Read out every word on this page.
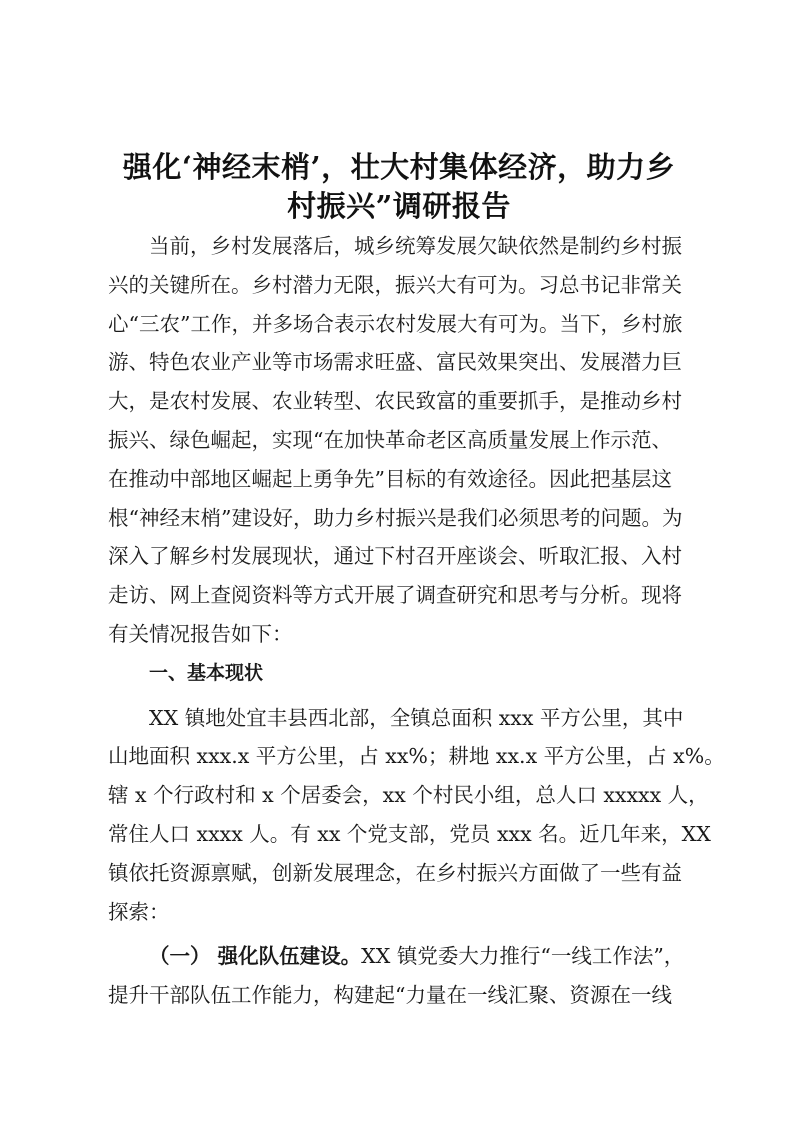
强化‘神经末梢’，壮大村集体经济，助力乡
村振兴”调研报告
当前，乡村发展落后，城乡统筹发展欠缺依然是制约乡村振
兴的关键所在。乡村潜力无限，振兴大有可为。习总书记非常关
心“三农”工作，并多场合表示农村发展大有可为。当下，乡村旅
游、特色农业产业等市场需求旺盛、富民效果突出、发展潜力巨
大，是农村发展、农业转型、农民致富的重要抓手，是推动乡村
振兴、绿色崛起，实现“在加快革命老区高质量发展上作示范、
在推动中部地区崛起上勇争先”目标的有效途径。因此把基层这
根“神经末梢”建设好，助力乡村振兴是我们必须思考的问题。为
深入了解乡村发展现状，通过下村召开座谈会、听取汇报、入村
走访、网上查阅资料等方式开展了调查研究和思考与分析。现将
有关情况报告如下：
一、基本现状
XX 镇地处宜丰县西北部，全镇总面积 xxx 平方公里，其中
山地面积 xxx.x 平方公里，占 xx%；耕地 xx.x 平方公里，占 x%。
辖 x 个行政村和 x 个居委会，xx 个村民小组，总人口 xxxxx 人，
常住人口 xxxx 人。有 xx 个党支部，党员 xxx 名。近几年来，XX
镇依托资源禀赋，创新发展理念，在乡村振兴方面做了一些有益
探索：
（一） 强化队伍建设。XX 镇党委大力推行“一线工作法”，
提升干部队伍工作能力，构建起“力量在一线汇聚、资源在一线
